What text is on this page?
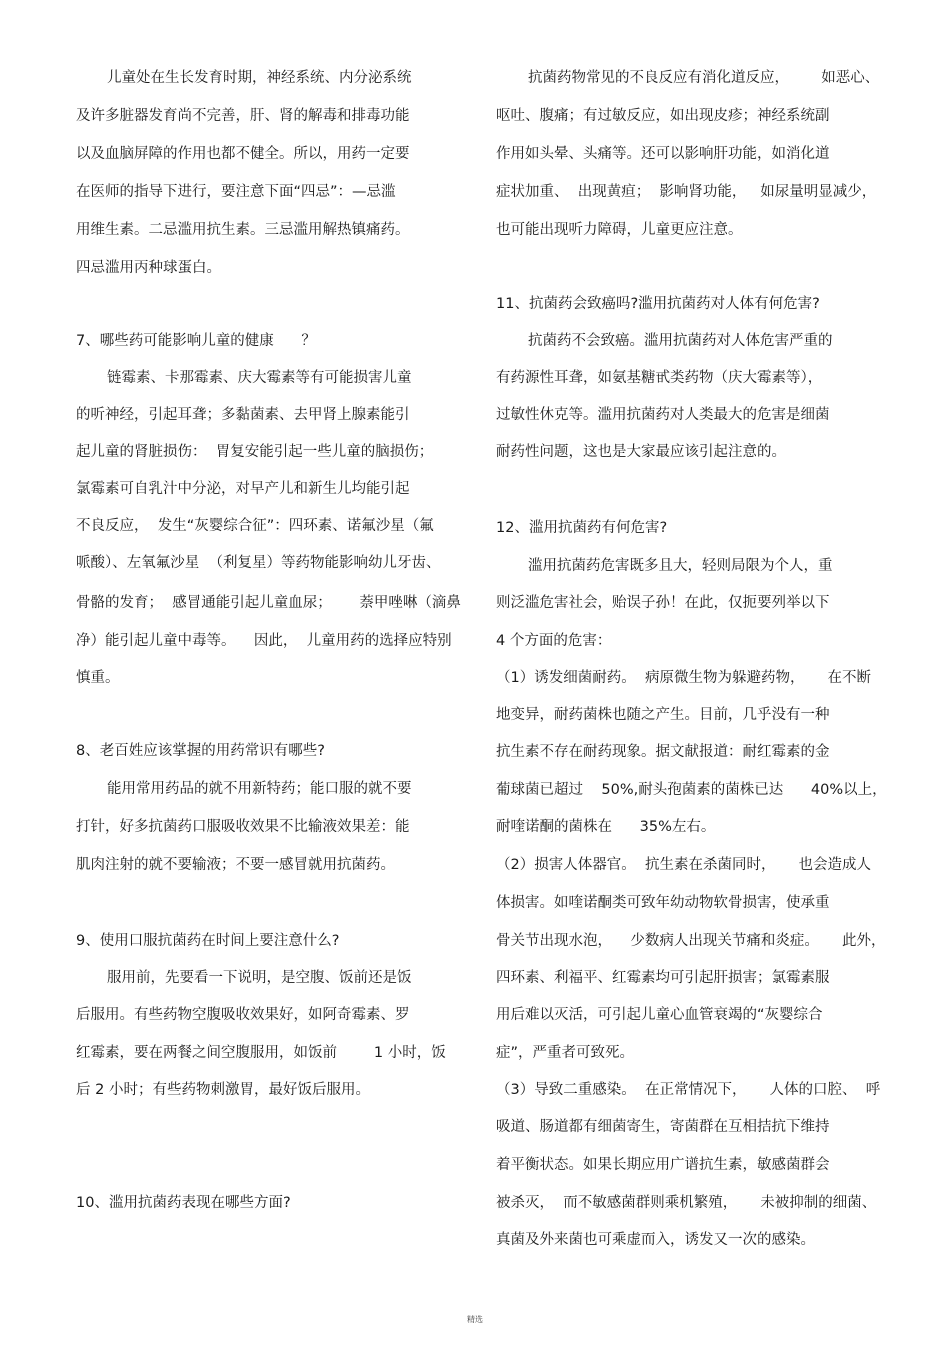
儿童处在生长发育时期，神经系统、内分泌系统
及许多脏器发育尚不完善，肝、肾的解毒和排毒功能
以及血脑屏障的作用也都不健全。所以，用药一定要
在医师的指导下进行，要注意下面“四忌”：—忌滥
用维生素。二忌滥用抗生素。三忌滥用解热镇痛药。
四忌滥用丙种球蛋白。
7、哪些药可能影响儿童的健康      ？
链霉素、卡那霉素、庆大霉素等有可能损害儿童
的听神经，引起耳聋；多黏菌素、去甲肾上腺素能引
起儿童的肾脏损伤：  胃复安能引起一些儿童的脑损伤；
氯霉素可自乳汁中分泌，对早产儿和新生儿均能引起
不良反应，  发生“灰婴综合征”：四环素、诺氟沙星（氟
哌酸）、左氧氟沙星  （利复星）等药物能影响幼儿牙齿、
骨骼的发育；  感冒通能引起儿童血尿；      萘甲唑啉（滴鼻
净）能引起儿童中毒等。    因此，  儿童用药的选择应特别
慎重。
8、老百姓应该掌握的用药常识有哪些?
能用常用药品的就不用新特药；能口服的就不要
打针，好多抗菌药口服吸收效果不比输液效果差：能
肌肉注射的就不要输液；不要一感冒就用抗菌药。
9、使用口服抗菌药在时间上要注意什么?
服用前，先要看一下说明，是空腹、饭前还是饭
后服用。有些药物空腹吸收效果好，如阿奇霉素、罗
红霉素，要在两餐之间空腹服用，如饭前        1 小时，饭
后 2 小时；有些药物刺激胃，最好饭后服用。
10、滥用抗菌药表现在哪些方面?
抗菌药物常见的不良反应有消化道反应，       如恶心、
呕吐、腹痛；有过敏反应，如出现皮疹；神经系统副
作用如头晕、头痛等。还可以影响肝功能，如消化道
症状加重、  出现黄疸；  影响肾功能，   如尿量明显减少，
也可能出现听力障碍，儿童更应注意。
11、抗菌药会致癌吗?滥用抗菌药对人体有何危害?
抗菌药不会致癌。滥用抗菌药对人体危害严重的
有药源性耳聋，如氨基糖甙类药物（庆大霉素等），
过敏性休克等。滥用抗菌药对人类最大的危害是细菌
耐药性问题，这也是大家最应该引起注意的。
12、滥用抗菌药有何危害?
滥用抗菌药危害既多且大，轻则局限为个人，重
则泛滥危害社会，贻误子孙！在此，仅扼要列举以下
4 个方面的危害：
（1）诱发细菌耐药。  病原微生物为躲避药物，     在不断
地变异，耐药菌株也随之产生。目前，几乎没有一种
抗生素不存在耐药现象。据文献报道：耐红霉素的金
葡球菌已超过    50%,耐头孢菌素的菌株已达      40%以上，
耐喹诺酮的菌株在      35%左右。
（2）损害人体器官。  抗生素在杀菌同时，     也会造成人
体损害。如喹诺酮类可致年幼动物软骨损害，使承重
骨关节出现水泡，    少数病人出现关节痛和炎症。     此外，
四环素、利福平、红霉素均可引起肝损害；氯霉素服
用后难以灭活，可引起儿童心血管衰竭的“灰婴综合
症”，严重者可致死。
（3）导致二重感染。  在正常情况下，     人体的口腔、  呼
吸道、肠道都有细菌寄生，寄菌群在互相拮抗下维持
着平衡状态。如果长期应用广谱抗生素，敏感菌群会
被杀灭，  而不敏感菌群则乘机繁殖，     未被抑制的细菌、
真菌及外来菌也可乘虚而入，诱发又一次的感染。
精选
